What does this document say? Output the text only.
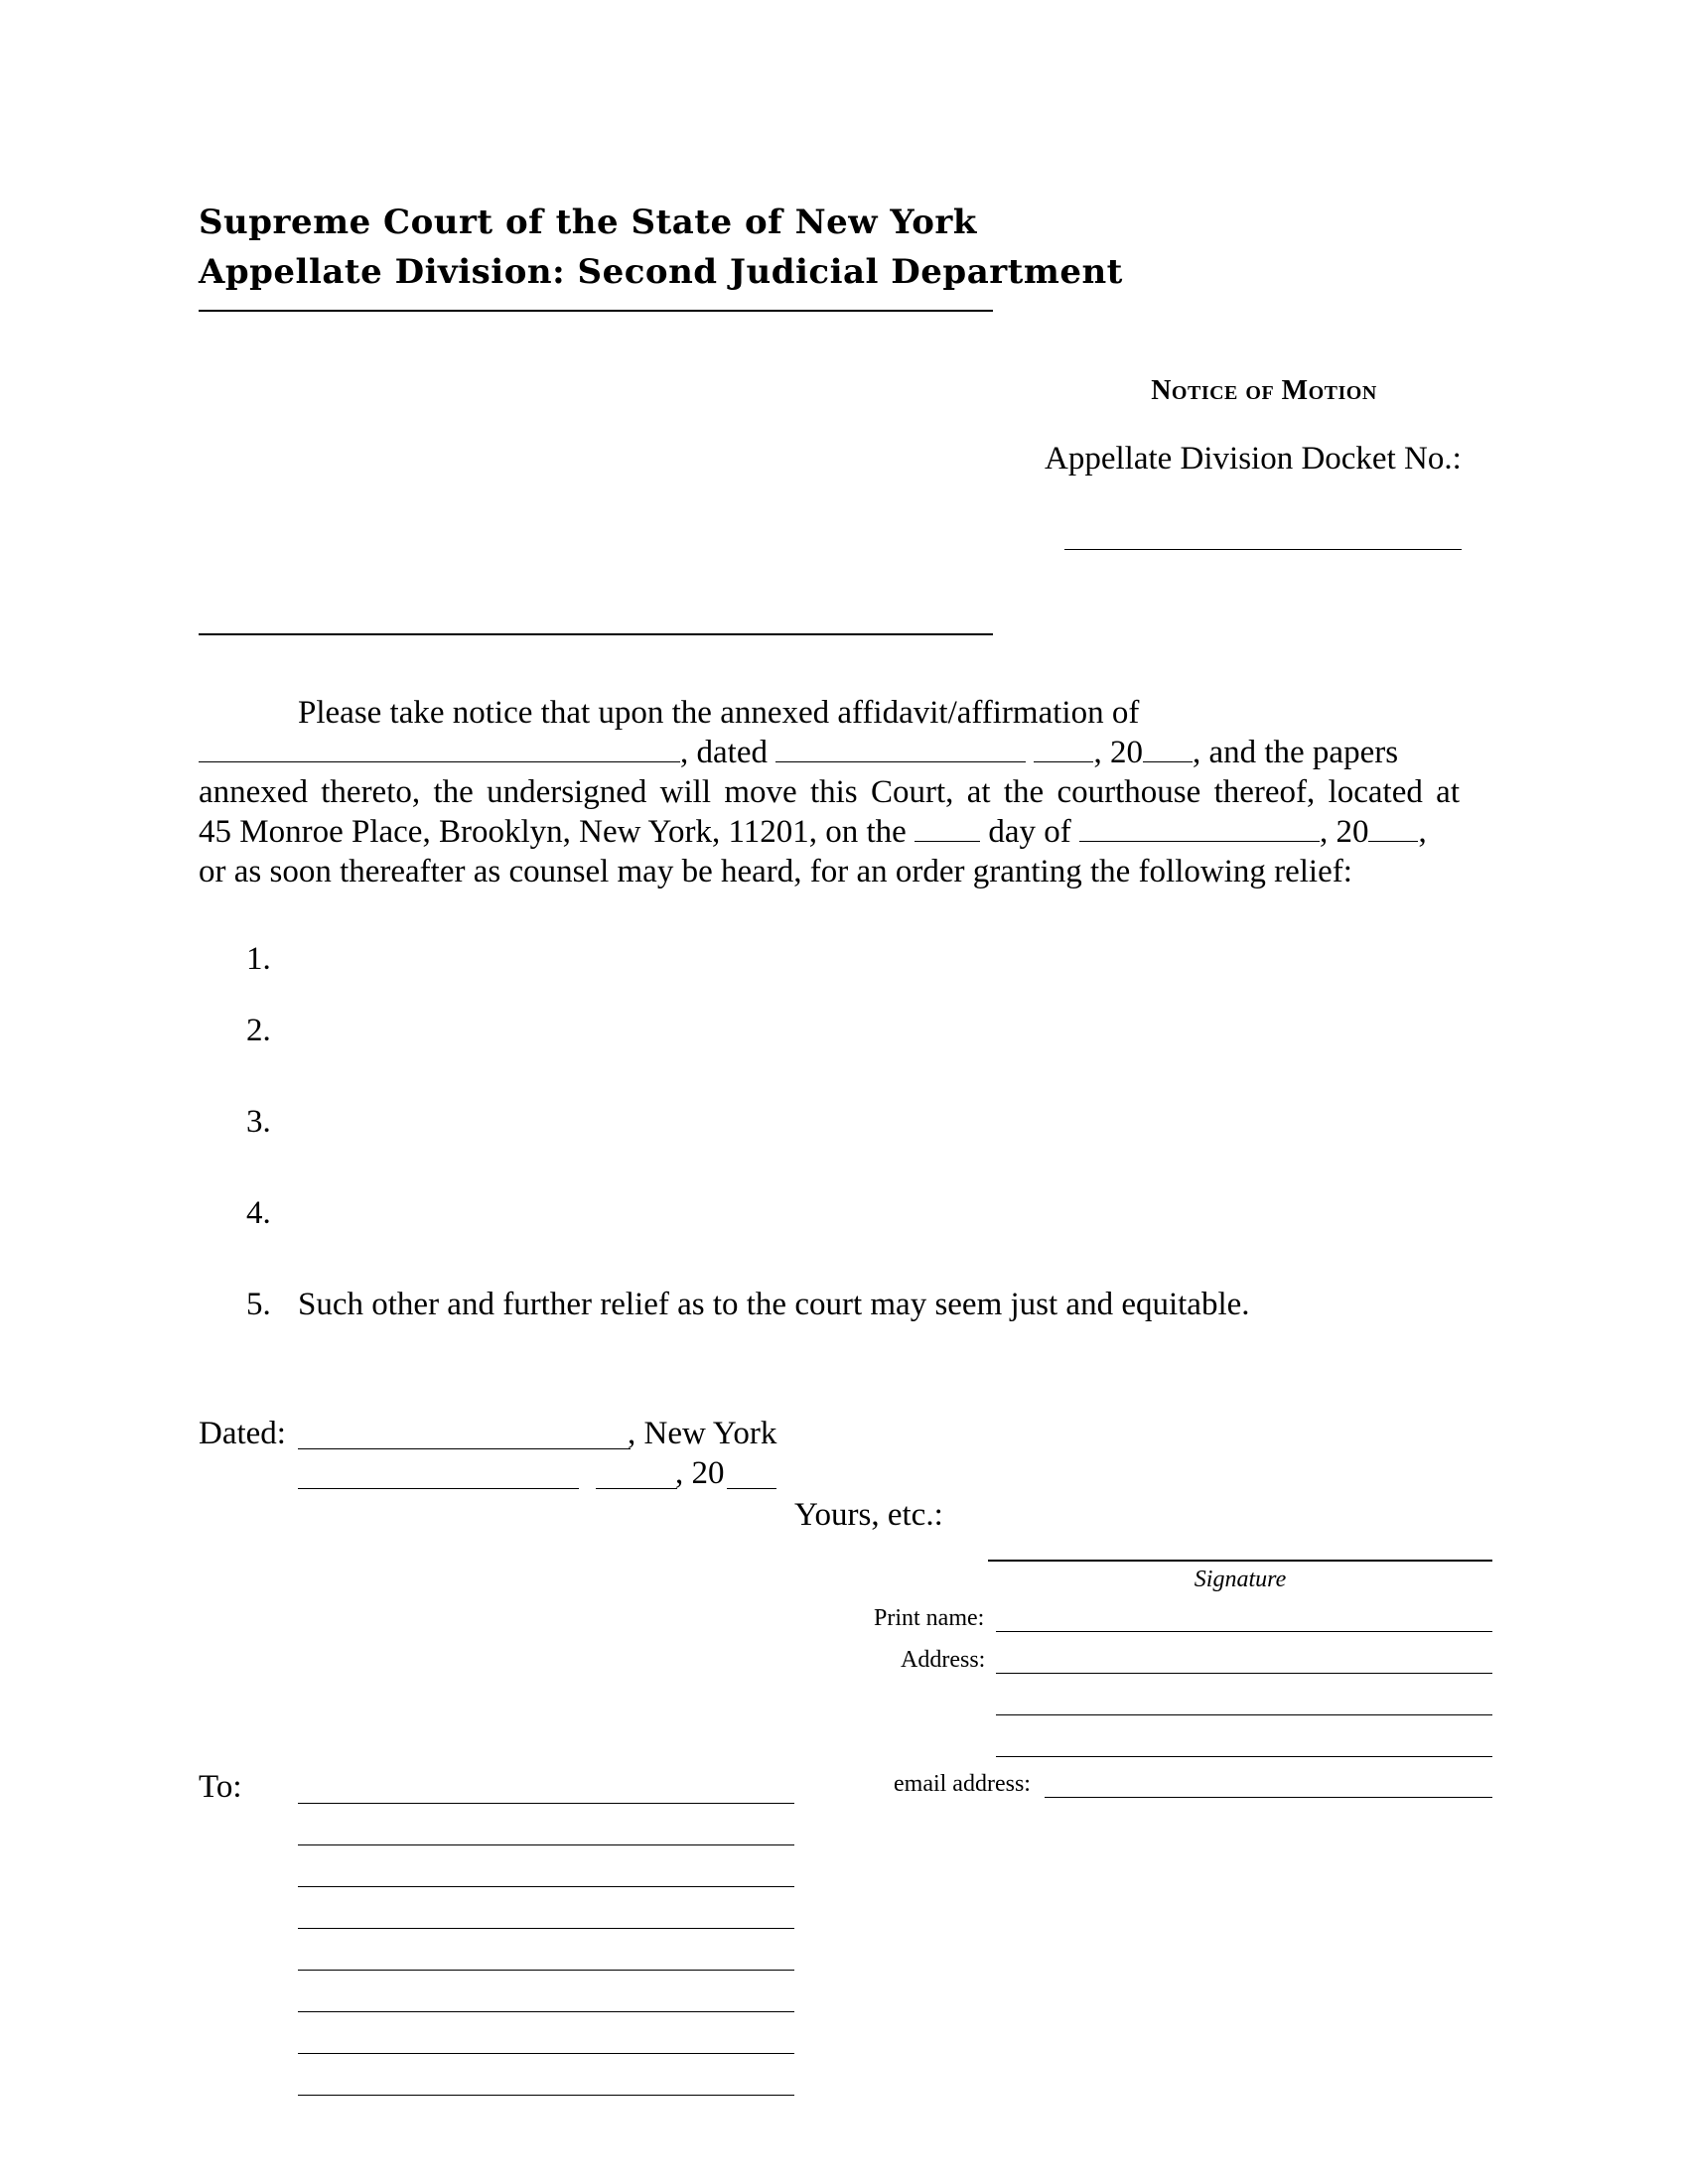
Supreme Court of the State of New York
Appellate Division: Second Judicial Department
Notice of Motion
Appellate Division Docket No.:
Please take notice that upon the annexed affidavit/affirmation of
, dated	, 20 , and the papers
annexed thereto, the undersigned will move this Court, at the courthouse thereof, located at
45 Monroe Place, Brooklyn, New York, 11201, on the	day of	, 20 ,
or as soon thereafter as counsel may be heard, for an order granting the following relief:
1.
2.
3.
4.
5. Such other and further relief as to the court may seem just and equitable.
Dated:	, New York
, 20
Yours, etc.:
Signature
Print name:
Address:
email address:
To:
